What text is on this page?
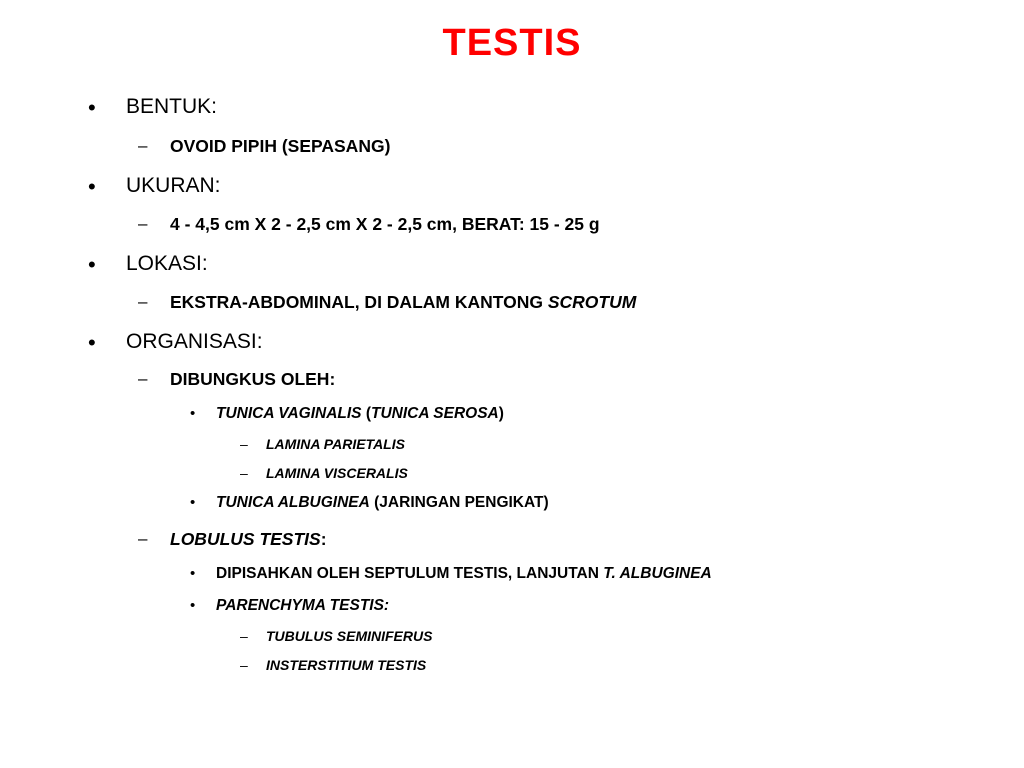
TESTIS
• BENTUK:
– OVOID PIPIH (SEPASANG)
• UKURAN:
– 4 - 4,5 cm X 2 - 2,5 cm X 2 - 2,5 cm, BERAT: 15 - 25 g
• LOKASI:
– EKSTRA-ABDOMINAL, DI DALAM KANTONG SCROTUM
• ORGANISASI:
– DIBUNGKUS OLEH:
• TUNICA VAGINALIS (TUNICA SEROSA)
– LAMINA PARIETALIS
– LAMINA VISCERALIS
• TUNICA ALBUGINEA (JARINGAN PENGIKAT)
– LOBULUS TESTIS:
• DIPISAHKAN OLEH SEPTULUM TESTIS, LANJUTAN T. ALBUGINEA
• PARENCHYMA TESTIS:
– TUBULUS SEMINIFERUS
– INSTERSTITIUM TESTIS
